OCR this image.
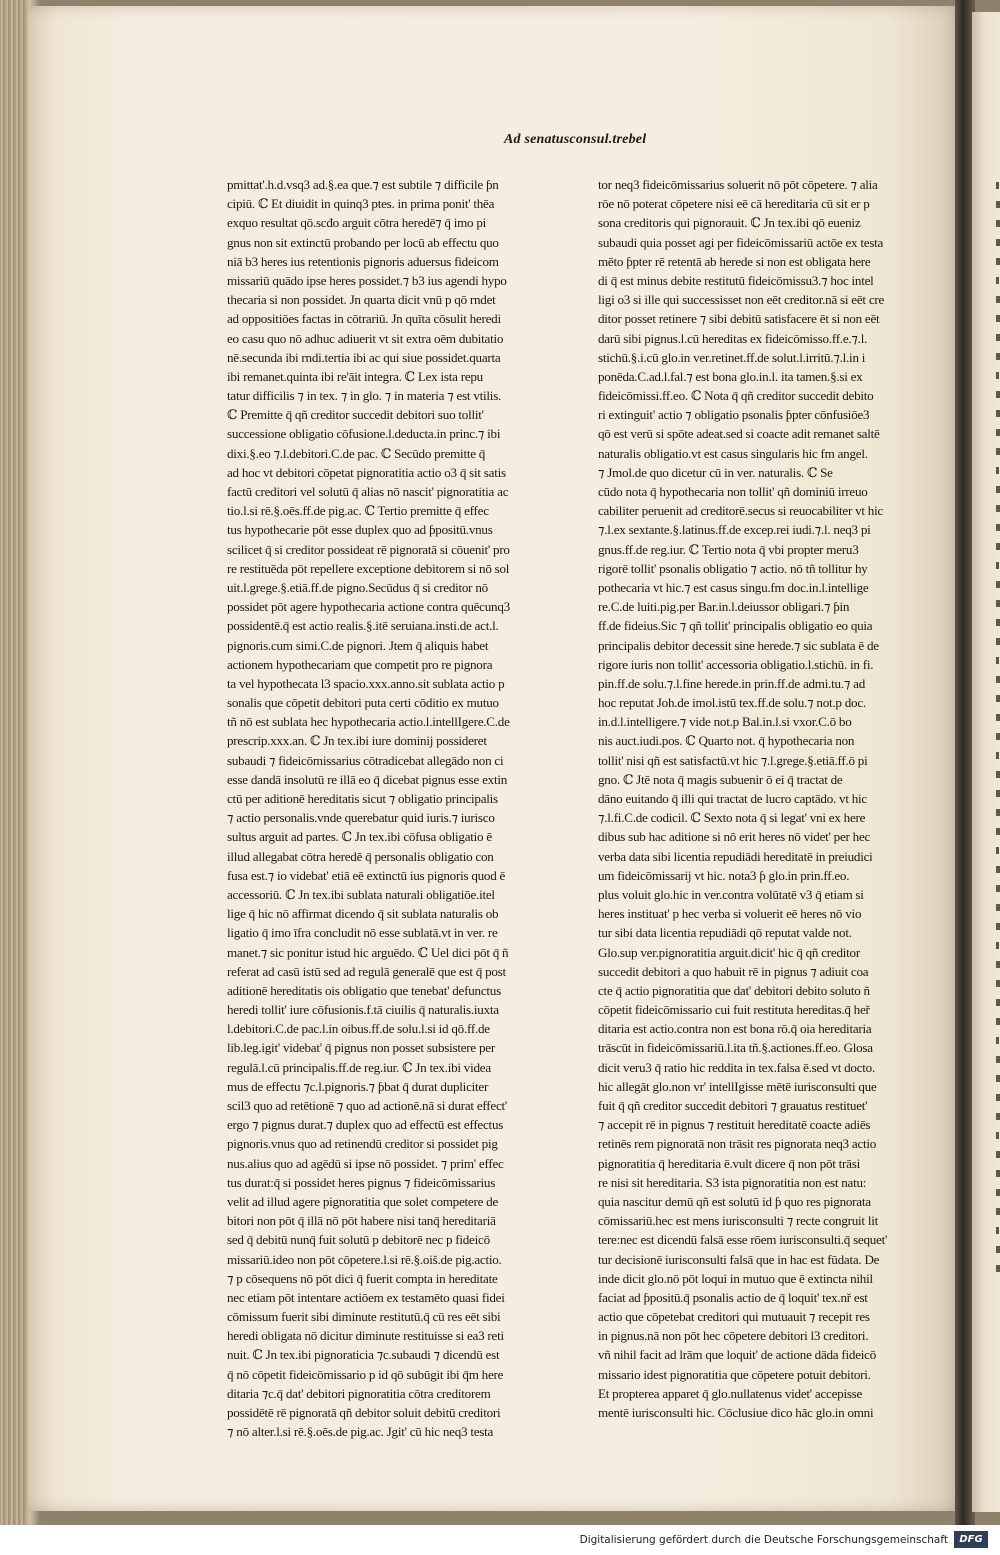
Ad senatusconsul.trebel
pmittat'.h.d.vsq3 ad.§.ea que.⁊ est subtile ⁊ difficile ƥn
cipiū. ℂ Et diuidit in quinq3 ptes. in prima ponit' thēa
exquo resultat qō.scđo arguit cōtra heredē⁊ q̄ imo pi
gnus non sit extinctū probando per locū ab effectu quo
niā b3 heres ius retentionis pignoris aduersus fideicom
missariū quādo ipse heres possidet.⁊ b3 ius agendi hypo
thecaria si non possidet. Jn quarta dicit vnū p qō rndet
ad oppositiōes factas in cōtrariū. Jn quīta cōsulit heredi
eo casu quo nō adhuc adiuerit vt sit extra oēm dubitatio
nē.secunda ibi rndi.tertia ibi ac qui siue possidet.quarta
ibi remanet.quinta ibi re'āit integra. ℂ Lex ista repu
tatur difficilis ⁊ in tex. ⁊ in glo. ⁊ in materia ⁊ est vtilis.
ℂ Premitte q̄ qñ creditor succedit debitori suo tollit'
successione obligatio cōfusione.l.deducta.in princ.⁊ ibi
dixi.§.eo ⁊.l.debitori.C.de pac. ℂ Secūdo premitte q̄
ad hoc vt debitori cōpetat pignoratitia actio o3 q̄ sit satis
factū creditori vel solutū q̄ alias nō nascit' pignoratitia ac
tio.l.si rē.§.oēs.ff.de pig.ac. ℂ Tertio premitte q̄ effec
tus hypothecarie pōt esse duplex quo ad ƥpositū.vnus
scilicet q̄ si creditor possideat rē pignoratā si cōuenit' pro
re restituēda pōt repellere exceptione debitorem si nō sol
uit.l.grege.§.etiā.ff.de pigno.Secūdus q̄ si creditor nō
possidet pōt agere hypothecaria actione contra quēcunq3
possidentē.q̄ est actio realis.§.itē seruiana.insti.de act.l.
pignoris.cum simi.C.de pignori. Jtem q̄ aliquis habet
actionem hypothecariam que competit pro re pignora
ta vel hypothecata l3 spacio.xxx.anno.sit sublata actio p
sonalis que cōpetit debitori puta certi cōditio ex mutuo
tñ nō est sublata hec hypothecaria actio.l.intellIgere.C.de
prescrip.xxx.an. ℂ Jn tex.ibi iure dominij possideret
subaudi ⁊ fideicōmissarius cōtradicebat allegādo non ci
esse dandā insolutū re illā eo q̄ dicebat pignus esse extin
ctū per aditionē hereditatis sicut ⁊ obligatio principalis
⁊ actio personalis.vnde querebatur quid iuris.⁊ iurisco
sultus arguit ad partes. ℂ Jn tex.ibi cōfusa obligatio ē
illud allegabat cōtra heredē q̄ personalis obligatio con
fusa est.⁊ io videbat' etiā eē extinctū ius pignoris quod ē
accessoriū. ℂ Jn tex.ibi sublata naturali obligatiōe.itel
lige q̄ hic nō affirmat dicendo q̄ sit sublata naturalis ob
ligatio q̄ imo īfra concludit nō esse sublatā.vt in ver. re
manet.⁊ sic ponitur istud hic arguēdo. ℂ Uel dici pōt q̄ ñ
referat ad casū istū sed ad regulā generalē que est q̄ post
aditionē hereditatis ois obligatio que tenebat' defunctus
heredi tollit' iure cōfusionis.f.tā ciuilis q̄ naturalis.iuxta
l.debitori.C.de pac.l.in oibus.ff.de solu.l.si id qō.ff.de
lib.leg.igit' videbat' q̄ pignus non posset subsistere per
regulā.l.cū principalis.ff.de reg.iur. ℂ Jn tex.ibi videa
mus de effectu ⁊c.l.pignoris.⁊ ƥbat q̄ durat dupliciter
scil3 quo ad retētionē ⁊ quo ad actionē.nā si durat effect'
ergo ⁊ pignus durat.⁊ duplex quo ad effectū est effectus
pignoris.vnus quo ad retinendū creditor si possidet pig
nus.alius quo ad agēdū si ipse nō possidet. ⁊ prim' effec
tus durat:q̄ si possidet heres pignus ⁊ fideicōmissarius
velit ad illud agere pignoratitia que solet competere de
bitori non pōt q̄ illā nō pōt habere nisi tanq̄ hereditariā
sed q̄ debitū nunq̄ fuit solutū p debitorē nec p fideicō
missariū.ideo non pōt cōpetere.l.si rē.§.oiš.de pig.actio.
⁊ p cōsequens nō pōt dici q̄ fuerit compta in hereditate
nec etiam pōt intentare actiōem ex testamēto quasi fidei
cōmissum fuerit sibi diminute restitutū.q̄ cū res eēt sibi
heredi obligata nō dicitur diminute restituisse si ea3 reti
nuit. ℂ Jn tex.ibi pignoraticia ⁊c.subaudi ⁊ dicendū est
q̄ nō cōpetit fideicōmissario p id qō subūgit ibi q̄m here
ditaria ⁊c.q̄ dat' debitori pignoratitia cōtra creditorem
possidētē rē pignoratā qñ debitor soluit debitū creditori
⁊ nō alter.l.si rē.§.oēs.de pig.ac. Jgit' cū hic neq3 testa
tor neq3 fideicōmissarius soluerit nō pōt cōpetere. ⁊ alia
rōe nō poterat cōpetere nisi eē cā hereditaria cū sit er p
sona creditoris qui pignorauit. ℂ Jn tex.ibi qō eueniz
subaudi quia posset agi per fideicōmissariū actōe ex testa
mēto ƥpter rē retentā ab herede si non est obligata here
di q̄ est minus debite restitutū fideicōmissu3.⁊ hoc intel
ligi o3 si ille qui successisset non eēt creditor.nā si eēt cre
ditor posset retinere ⁊ sibi debitū satisfacere ēt si non eēt
darū sibi pignus.l.cū hereditas ex fideicōmisso.ff.e.⁊.l.
stichū.§.i.cū glo.in ver.retinet.ff.de solut.l.irritū.⁊.l.in i
ponēda.C.ad.l.fal.⁊ est bona glo.in.l. ita tamen.§.si ex
fideicōmissi.ff.eo. ℂ Nota q̄ qñ creditor succedit debito
ri extinguit' actio ⁊ obligatio psonalis ƥpter cōnfusiōe3
qō est verū si spōte adeat.sed si coacte adit remanet saltē
naturalis obligatio.vt est casus singularis hic fm angel.
⁊ Jmol.de quo dicetur cū in ver. naturalis. ℂ Se
cūdo nota q̄ hypothecaria non tollit' qñ dominiū irreuo
cabiliter peruenit ad creditorē.secus si reuocabiliter vt hic
⁊.l.ex sextante.§.latinus.ff.de excep.rei iudi.⁊.l. neq3 pi
gnus.ff.de reg.iur. ℂ Tertio nota q̄ vbi propter meru3
rigorē tollit' psonalis obligatio ⁊ actio. nō tñ tollitur hy
pothecaria vt hic.⁊ est casus singu.fm doc.in.l.intellige
re.C.de luiti.pig.per Bar.in.l.deiussor obligari.⁊ ƥin
ff.de fideius.Sic ⁊ qñ tollit' principalis obligatio eo quia
principalis debitor decessit sine herede.⁊ sic sublata ē de
rigore iuris non tollit' accessoria obligatio.l.stichū. in fi.
pin.ff.de solu.⁊.l.fine herede.in prin.ff.de admi.tu.⁊ ad
hoc reputat Joh.de imol.istū tex.ff.de solu.⁊ not.p doc.
in.d.l.intelligere.⁊ vide not.p Bal.in.l.si vxor.C.ō bo
nis auct.iudi.pos. ℂ Quarto not. q̄ hypothecaria non
tollit' nisi qñ est satisfactū.vt hic ⁊.l.grege.§.etiā.ff.ō pi
gno. ℂ Jtē nota q̄ magis subuenir ō ei q̄ tractat de
dāno euitando q̄ illi qui tractat de lucro captādo. vt hic
⁊.l.fi.C.de codicil. ℂ Sexto nota q̄ si legat' vni ex here
dibus sub hac aditione si nō erit heres nō videt' per hec
verba data sibi licentia repudiādi hereditatē in preiudici
um fideicōmissarij vt hic. nota3 ƥ glo.in prin.ff.eo.
plus voluit glo.hic in ver.contra volūtatē v3 q̄ etiam si
heres instituat' p hec verba si voluerit eē heres nō vio
tur sibi data licentia repudiādi qō reputat valde not.
Glo.sup ver.pignoratitia arguit.dicit' hic q̄ qñ creditor
succedit debitori a quo habuit rē in pignus ⁊ adiuit coa
cte q̄ actio pignoratitia que dat' debitori debito soluto ñ
cōpetit fideicōmissario cui fuit restituta hereditas.q̄ heř
ditaria est actio.contra non est bona rō.q̄ oia hereditaria
trāscūt in fideicōmissariū.l.ita tñ.§.actiones.ff.eo. Glosa
dicit veru3 q̄ ratio hic reddita in tex.falsa ē.sed vt docto.
hic allegāt glo.non vr' intellIgisse mētē iurisconsulti que
fuit q̄ qñ creditor succedit debitori ⁊ grauatus restituet'
⁊ accepit rē in pignus ⁊ restituit hereditatē coacte adiēs
retinēs rem pignoratā non trāsit res pignorata neq3 actio
pignoratitia q̄ hereditaria ē.vult dicere q̄ non pōt trāsi
re nisi sit hereditaria. S3 ista pignoratitia non est natu:
quia nascitur demū qñ est solutū id ƥ quo res pignorata
cōmissariū.hec est mens iurisconsulti ⁊ recte congruit lit
tere:nec est dicendū falsā esse rōem iurisconsulti.q̄ sequet'
tur decisionē iurisconsulti falsā que in hac est fūdata. De
inde dicit glo.nō pōt loqui in mutuo que ē extincta nihil
faciat ad ƥpositū.q̄ psonalis actio de q̄ loquit' tex.nř est
actio que cōpetebat creditori qui mutuauit ⁊ recepit res
in pignus.nā non pōt hec cōpetere debitori l3 creditori.
vñ nihil facit ad lrām que loquit' de actione dāda fideicō
missario idest pignoratitia que cōpetere potuit debitori.
Et propterea apparet q̄ glo.nullatenus videt' accepisse
mentē iurisconsulti hic. Cōclusiue dico hāc glo.in omni
Digitalisierung gefördert durch die Deutsche Forschungsgemeinschaft	DFG
